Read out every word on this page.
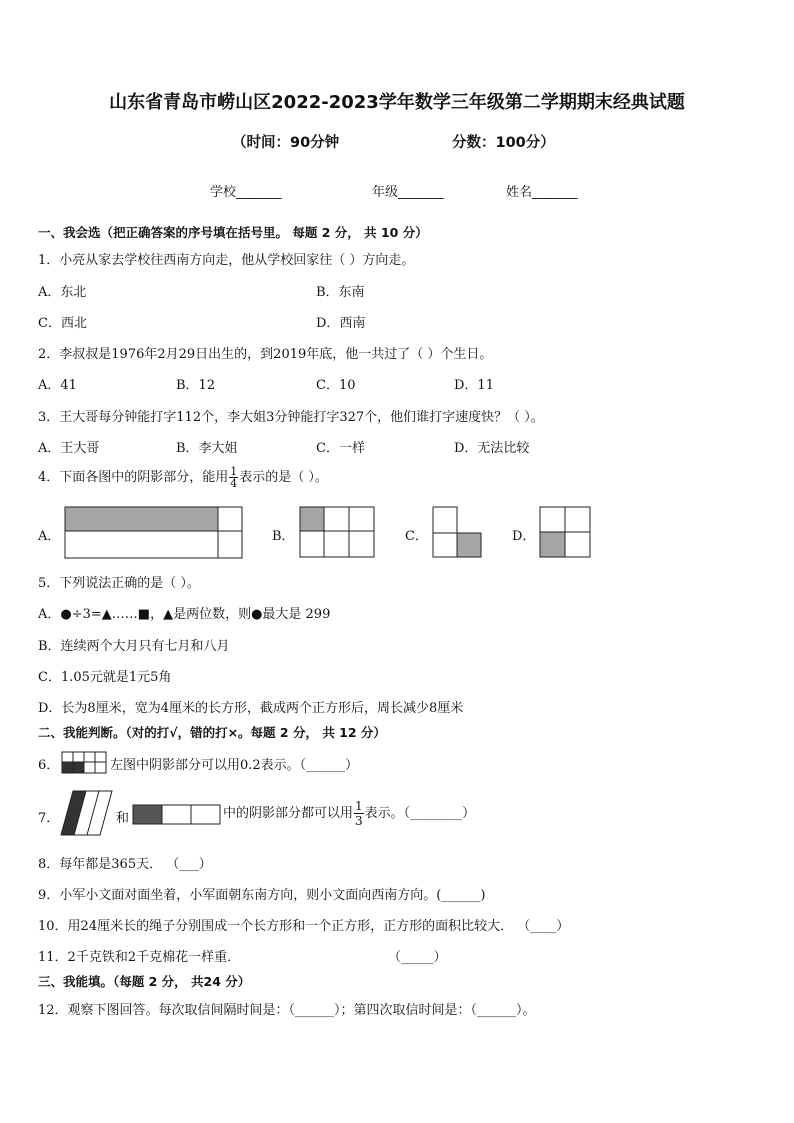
山东省青岛市崂山区2022-2023学年数学三年级第二学期期末经典试题
（时间：90分钟	分数：100分）
学校_______	年级_______	姓名_______
一、我会选（把正确答案的序号填在括号里。 每题 2 分， 共 10 分）
1．小亮从家去学校往西南方向走，他从学校回家往（ ）方向走。
A．东北	B．东南
C．西北	D．西南
2．李叔叔是1976年2月29日出生的，到2019年底，他一共过了（ ）个生日。
A．41	B．12	C．10	D．11
3．王大哥每分钟能打字112个，李大姐3分钟能打字327个，他们谁打字速度快？（ ）。
A．王大哥	B．李大姐	C．一样	D．无法比较
4．下面各图中的阴影部分，能用 $\frac{1}{4}$ 表示的是（ ）。
A．	B．	C．	D．
5．下列说法正确的是（ ）。
A．●÷3=▲……■，▲是两位数，则●最大是 299
B．连续两个大月只有七月和八月
C．1.05元就是1元5角
D．长为8厘米，宽为4厘米的长方形，截成两个正方形后，周长减少8厘米
二、我能判断。（对的打√，错的打×。每题 2 分， 共 12 分）
6．	左图中阴影部分可以用0.2表示。（______）
7．	和	中的阴影部分都可以用 $\frac{1}{3}$ 表示。（________）
8．每年都是365天． （___）
9．小军小文面对面坐着，小军面朝东南方向，则小文面向西南方向。(______)
10．用24厘米长的绳子分别围成一个长方形和一个正方形，正方形的面积比较大． （____）
11．2千克铁和2千克棉花一样重．	（_____）
三、我能填。（每题 2 分， 共24 分）
12．观察下图回答。每次取信间隔时间是：（______）；第四次取信时间是：（______）。
